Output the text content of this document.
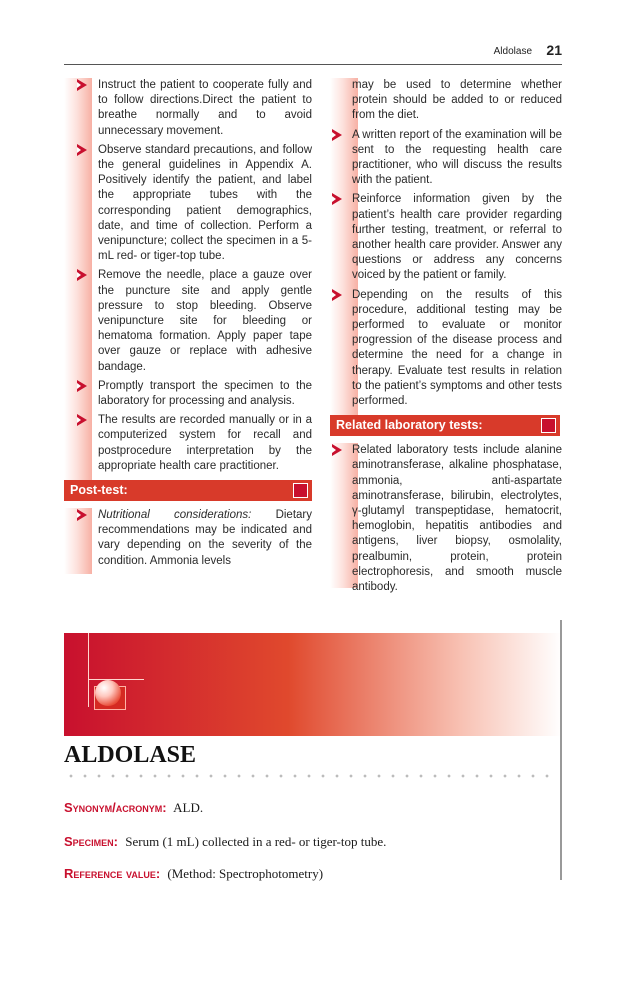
Aldolase 21
Instruct the patient to cooperate fully and to follow directions.Direct the patient to breathe normally and to avoid unnecessary movement.
Observe standard precautions, and follow the general guidelines in Appendix A. Positively identify the patient, and label the appropriate tubes with the corresponding patient demographics, date, and time of collection. Perform a venipuncture; collect the specimen in a 5-mL red- or tiger-top tube.
Remove the needle, place a gauze over the puncture site and apply gentle pressure to stop bleeding. Observe venipuncture site for bleeding or hematoma formation. Apply paper tape over gauze or replace with adhesive bandage.
Promptly transport the specimen to the laboratory for processing and analysis.
The results are recorded manually or in a computerized system for recall and postprocedure interpretation by the appropriate health care practitioner.
Post-test:
Nutritional considerations: Dietary recommendations may be indicated and vary depending on the severity of the condition. Ammonia levels
may be used to determine whether protein should be added to or reduced from the diet.
A written report of the examination will be sent to the requesting health care practitioner, who will discuss the results with the patient.
Reinforce information given by the patient’s health care provider regarding further testing, treatment, or referral to another health care provider. Answer any questions or address any concerns voiced by the patient or family.
Depending on the results of this procedure, additional testing may be performed to evaluate or monitor progression of the disease process and determine the need for a change in therapy. Evaluate test results in relation to the patient’s symptoms and other tests performed.
Related laboratory tests:
Related laboratory tests include alanine aminotransferase, alkaline phosphatase, ammonia, anti-aspartate aminotransferase, bilirubin, electrolytes, γ-glutamyl transpeptidase, hematocrit, hemoglobin, hepatitis antibodies and antigens, liver biopsy, osmolality, prealbumin, protein, protein electrophoresis, and smooth muscle antibody.
ALDOLASE
Synonym/acronym: ALD.
Specimen: Serum (1 mL) collected in a red- or tiger-top tube.
Reference value: (Method: Spectrophotometry)
